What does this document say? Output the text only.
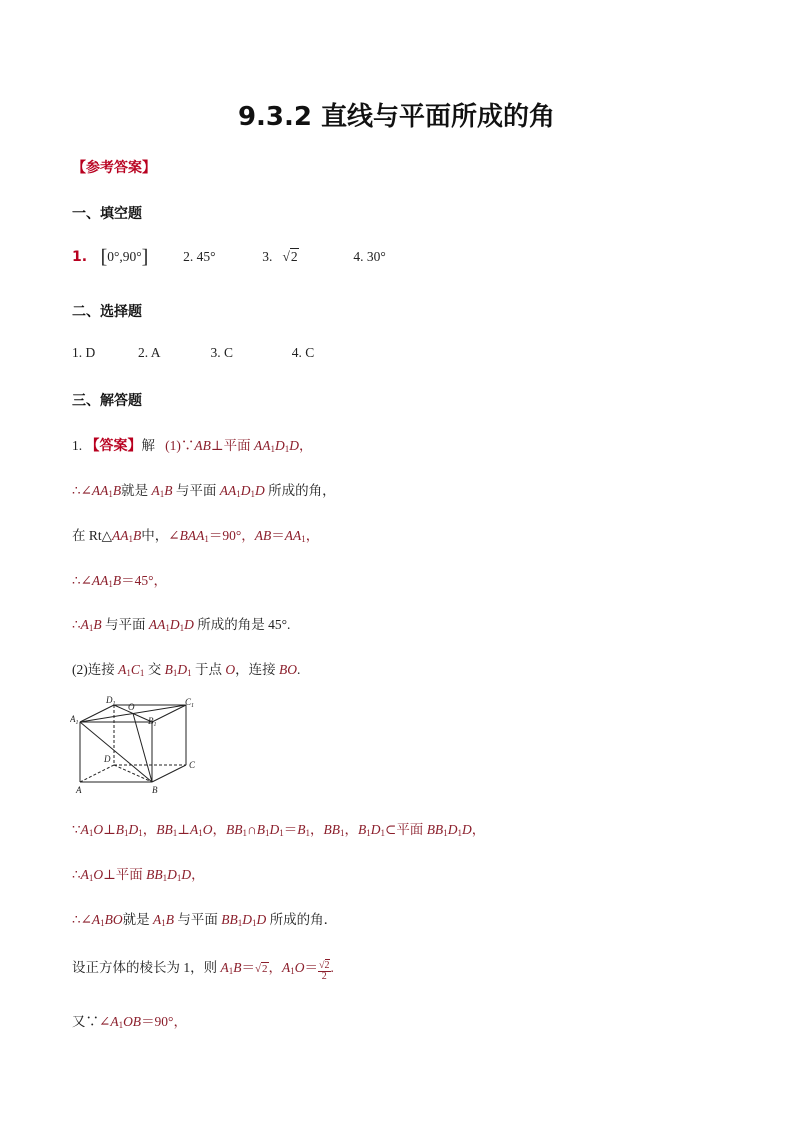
9.3.2 直线与平面所成的角
【参考答案】
一、填空题
1. [0°,90°]	2. 45°	3. √2	4. 30°
二、选择题
1. D	2. A	3. C	4. C
三、解答题
1. 【答案】解 (1)∵AB⊥平面 $AA_1D_1D$，
$\therefore\angle AA_1B$就是 $A_1B$ 与平面 $AA_1D_1D$ 所成的角，
在 $Rt\triangle AA_1B$中，$\angle BAA_1=90^\circ$，$AB=AA_1$，
$\therefore\angle AA_1B=45^\circ$，
$\therefore A_1B$ 与平面 $AA_1D_1D$ 所成的角是 45°.
(2)连接 $A_1C_1$ 交 $B_1D_1$ 于点 O，连接 BO.
A	B
C
D
$A_1$
$D_1$	$C_1$
$B_1$
O
$\because A_1O\perp B_1D_1$，$BB_1\perp A_1O$，$BB_1\cap B_1D_1=B_1$，$BB_1$，$B_1D_1\subset$平面 $BB_1D_1D$，
$\therefore A_1O\perp$平面 $BB_1D_1D$，
$\therefore\angle A_1BO$就是 $A_1B$ 与平面 $BB_1D_1D$ 所成的角．
设正方体的棱长为 1，则 $A_1B=√2$，$A_1O= \frac{√2}{2}$ .
又$\because\angle A_1OB=90^\circ$，
